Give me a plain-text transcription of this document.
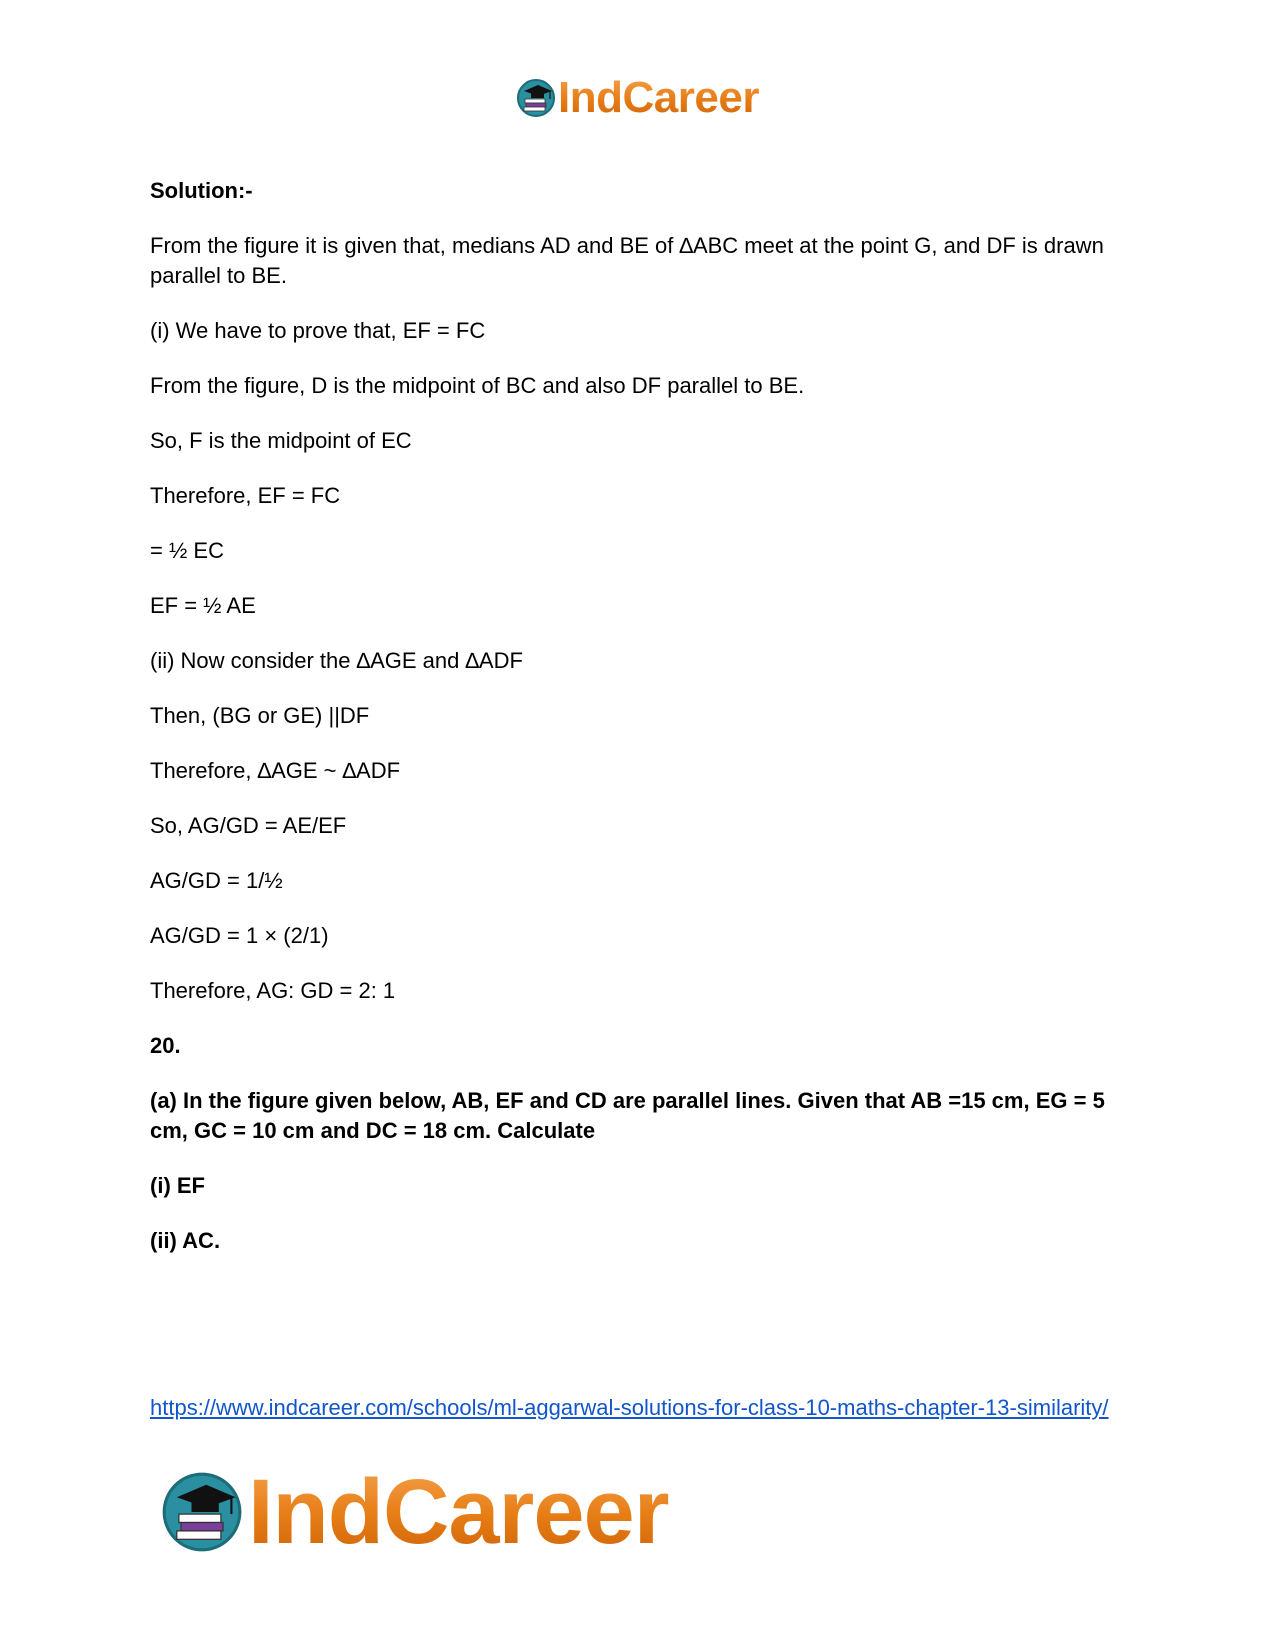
IndCareer

Solution:-

From the figure it is given that, medians AD and BE of ∆ABC meet at the point G, and DF is drawn parallel to BE.

(i) We have to prove that, EF = FC

From the figure, D is the midpoint of BC and also DF parallel to BE.

So, F is the midpoint of EC

Therefore, EF = FC

= ½ EC

EF = ½ AE

(ii) Now consider the ∆AGE and ∆ADF

Then, (BG or GE) ||DF

Therefore, ∆AGE ~ ∆ADF

So, AG/GD = AE/EF

AG/GD = 1/½

AG/GD = 1 × (2/1)

Therefore, AG: GD = 2: 1

20.

(a) In the figure given below, AB, EF and CD are parallel lines. Given that AB =15 cm, EG = 5 cm, GC = 10 cm and DC = 18 cm. Calculate

(i) EF

(ii) AC.

https://www.indcareer.com/schools/ml-aggarwal-solutions-for-class-10-maths-chapter-13-similarity/
IndCareer
